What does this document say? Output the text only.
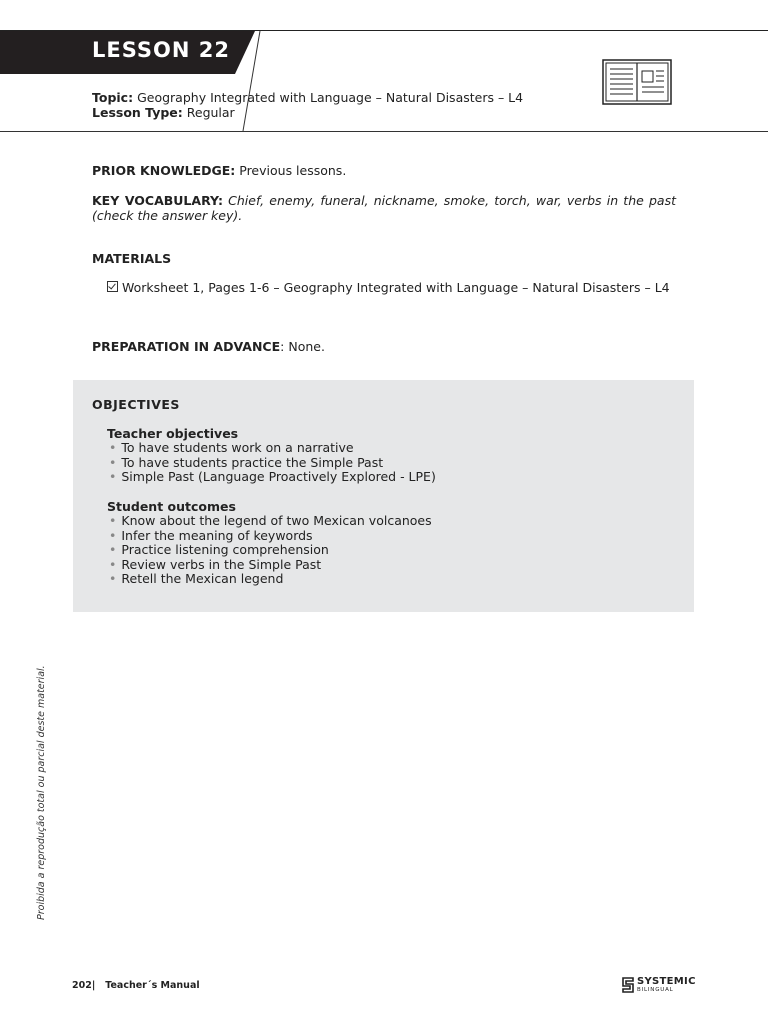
LESSON 22
Topic: Geography Integrated with Language – Natural Disasters – L4
Lesson Type: Regular
PRIOR KNOWLEDGE: Previous lessons.
KEY VOCABULARY: Chief, enemy, funeral, nickname, smoke, torch, war, verbs in the past (check the answer key).
MATERIALS
Worksheet 1, Pages 1-6 – Geography Integrated with Language – Natural Disasters – L4
PREPARATION IN ADVANCE: None.
OBJECTIVES
Teacher objectives
• To have students work on a narrative
• To have students practice the Simple Past
• Simple Past (Language Proactively Explored - LPE)
Student outcomes
• Know about the legend of two Mexican volcanoes
• Infer the meaning of keywords
• Practice listening comprehension
• Review verbs in the Simple Past
• Retell the Mexican legend
Proibida a reprodução total ou parcial deste material.
202| Teacher´s Manual	SYSTEMIC
BILINGUAL
